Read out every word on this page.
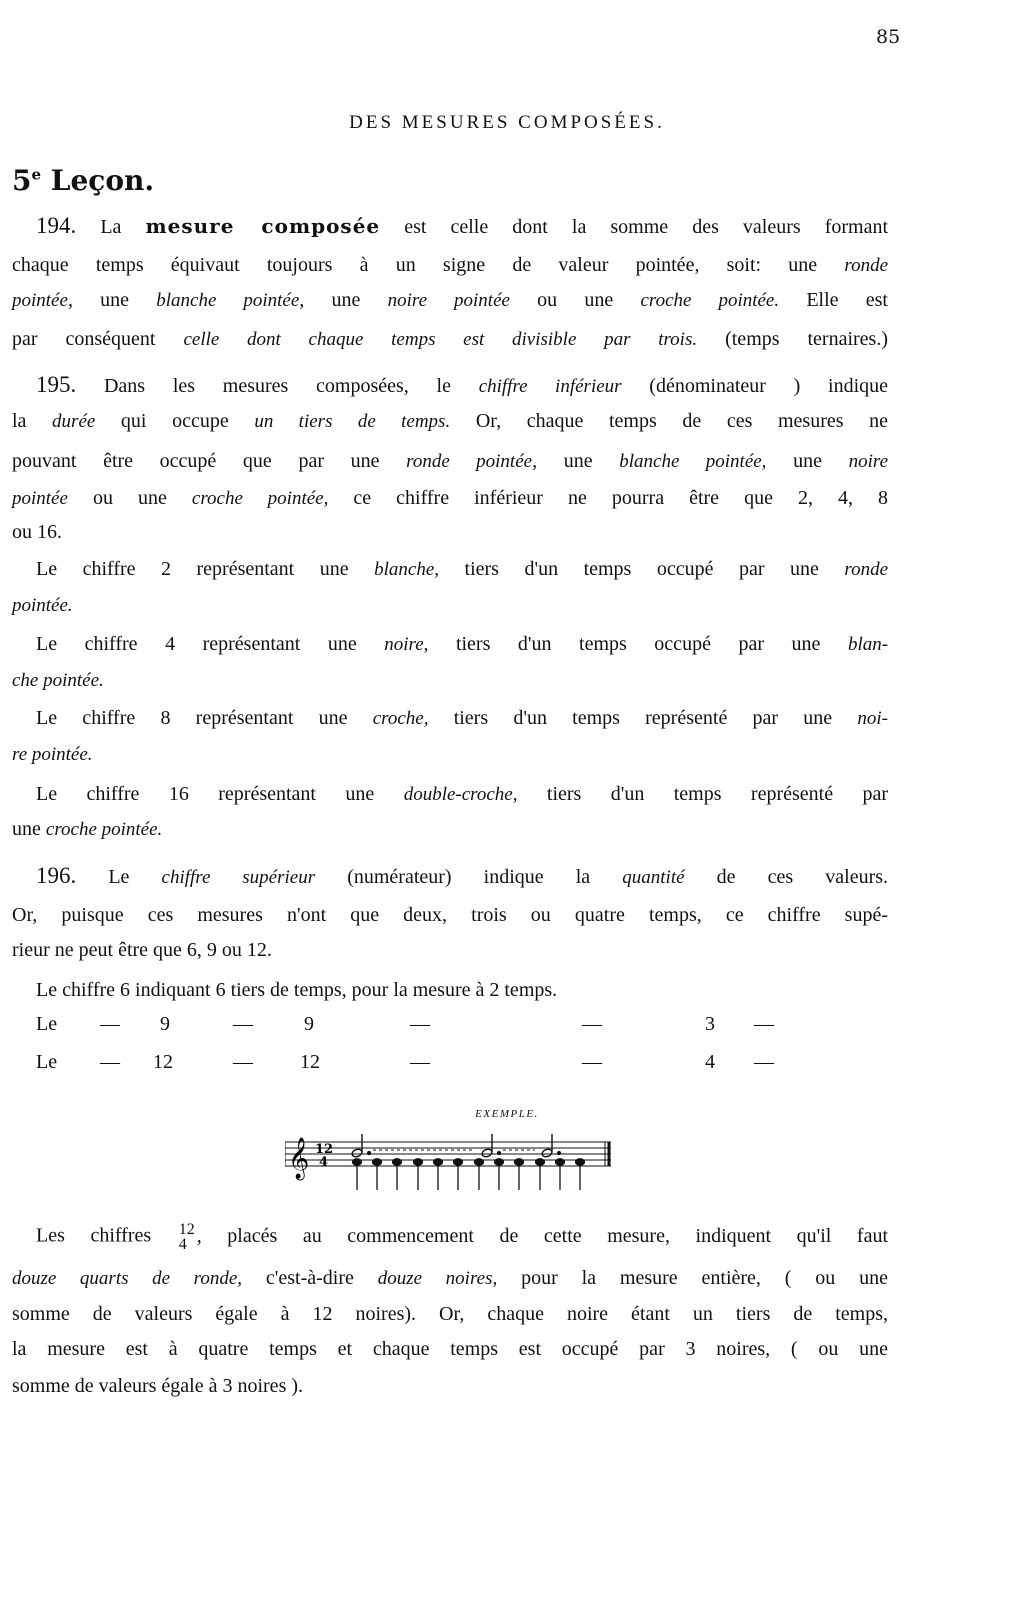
85
DES MESURES COMPOSÉES.
5e Leçon.
194. La mesure composée est celle dont la somme des valeurs formant
chaque temps équivaut toujours à un signe de valeur pointée, soit: une ronde
pointée, une blanche pointée, une noire pointée ou une croche pointée. Elle est
par conséquent celle dont chaque temps est divisible par trois. (temps ternaires.)
195. Dans les mesures composées, le chiffre inférieur (dénominateur ) indique
la durée qui occupe un tiers de temps. Or, chaque temps de ces mesures ne
pouvant être occupé que par une ronde pointée, une blanche pointée, une noire
pointée ou une croche pointée, ce chiffre inférieur ne pourra être que 2, 4, 8
ou 16.
Le chiffre 2 représentant une blanche, tiers d'un temps occupé par une ronde
pointée.
Le chiffre 4 représentant une noire, tiers d'un temps occupé par une blan-
che pointée.
Le chiffre 8 représentant une croche, tiers d'un temps représenté par une noi-
re pointée.
Le chiffre 16 représentant une double-croche, tiers d'un temps représenté par
une croche pointée.
196. Le chiffre supérieur (numérateur) indique la quantité de ces valeurs.
Or, puisque ces mesures n'ont que deux, trois ou quatre temps, ce chiffre supé-
rieur ne peut être que 6, 9 ou 12.
Le chiffre 6 indiquant 6 tiers de temps, pour la mesure à 2 temps.
Le — 9	—	9	—	—	3 —
Le — 12	— 12	—	—	4 —
EXEMPLE.
𝄞 12
4
Les chiffres 12
4 , placés au commencement de cette mesure, indiquent qu'il faut
douze quarts de ronde, c'est-à-dire douze noires, pour la mesure entière, ( ou une
somme de valeurs égale à 12 noires). Or, chaque noire étant un tiers de temps,
la mesure est à quatre temps et chaque temps est occupé par 3 noires, ( ou une
somme de valeurs égale à 3 noires ).
